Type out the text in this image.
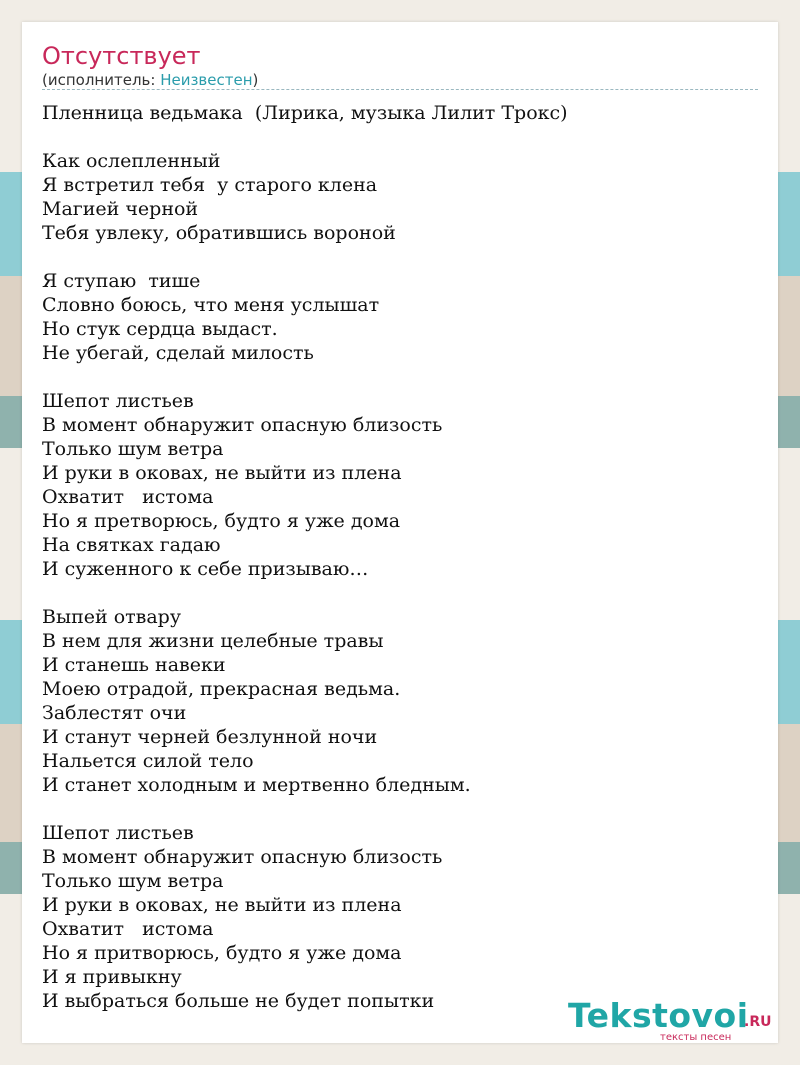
Отсутствует
(исполнитель: Неизвестен)
Пленница ведьмака  (Лирика, музыка Лилит Трокс)

Как ослепленный
Я встретил тебя  у старого клена
Магией черной
Тебя увлеку, обратившись вороной

Я ступаю  тише
Словно боюсь, что меня услышат
Но стук сердца выдаст.
Не убегай, сделай милость

Шепот листьев
В момент обнаружит опасную близость
Только шум ветра
И руки в оковах, не выйти из плена
Охватит   истома
Но я претворюсь, будто я уже дома
На святках гадаю
И суженного к себе призываю…

Выпей отвару
В нем для жизни целебные травы
И станешь навеки
Моею отрадой, прекрасная ведьма.
Заблестят очи
И станут черней безлунной ночи
Нальется силой тело
И станет холодным и мертвенно бледным.

Шепот листьев
В момент обнаружит опасную близость
Только шум ветра
И руки в оковах, не выйти из плена
Охватит   истома
Но я притворюсь, будто я уже дома
И я привыкну
И выбраться больше не будет попытки	Tekstovoi
.RU
тексты песен
